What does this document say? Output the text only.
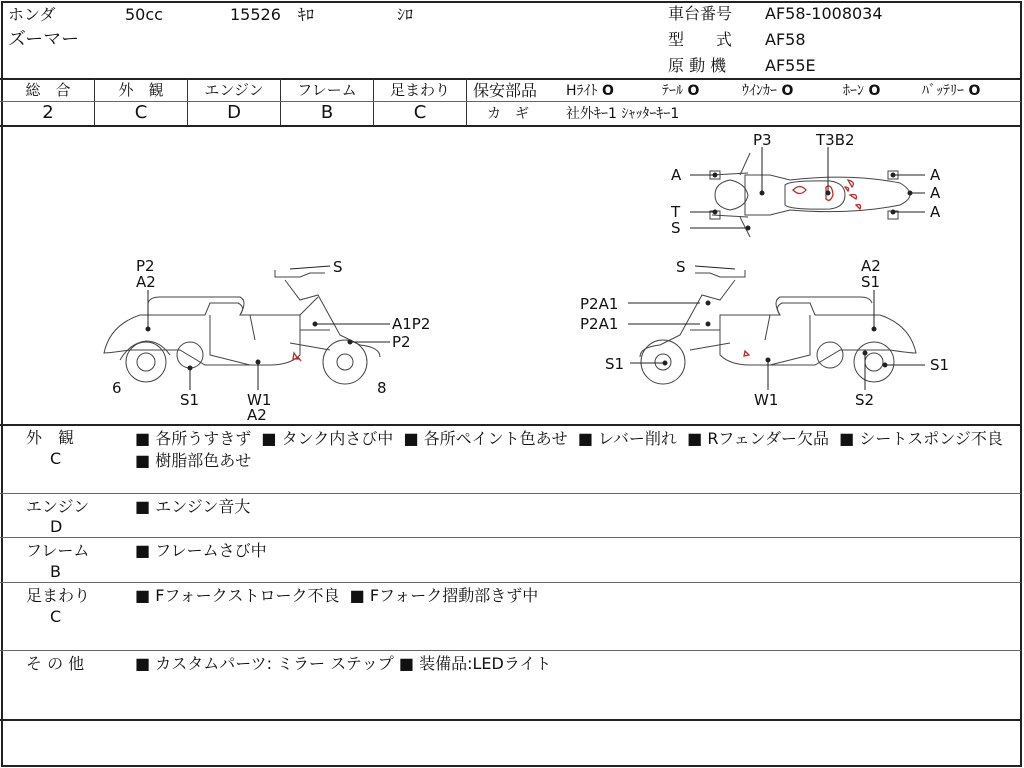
ホンダ	50cc	15526 ｷﾛ	ｼﾛ
ズーマー
車台番号 AF58-1008034
型　　式 AF58
原 動 機 AF55E
総　合	外　観	エンジン	フレーム	足まわり
2	C	D	B	C
保安部品 Hﾗｲﾄ O	ﾃｰﾙ O	ｳｲﾝｶｰ O	ﾎｰﾝ O	ﾊﾞｯﾃﾘｰ O
カ　ギ	社外ｷｰ1 ｼｬｯﾀｰｷｰ1
P2
A2
A1P2
P2
6
S1	W1
A2
8
S	S	A2
S1
P2A1
P2A1
S1
W1	S2
S1
P3	T3B2
A	A
A
A
T
S
外　観
C
■ 各所うすきず ■ タンク内さび中 ■ 各所ペイント色あせ ■ レバー削れ ■ Rフェンダー欠品 ■ シートスポンジ不良  ■ 樹脂部色あせ
エンジン
D
■ エンジン音大
フレーム
B
■ フレームさび中
足まわり
C
■ Fフォークストローク不良 ■ Fフォーク摺動部きず中
そ の 他	■ カスタムパーツ: ミラー ステップ ■ 装備品:LEDライト
